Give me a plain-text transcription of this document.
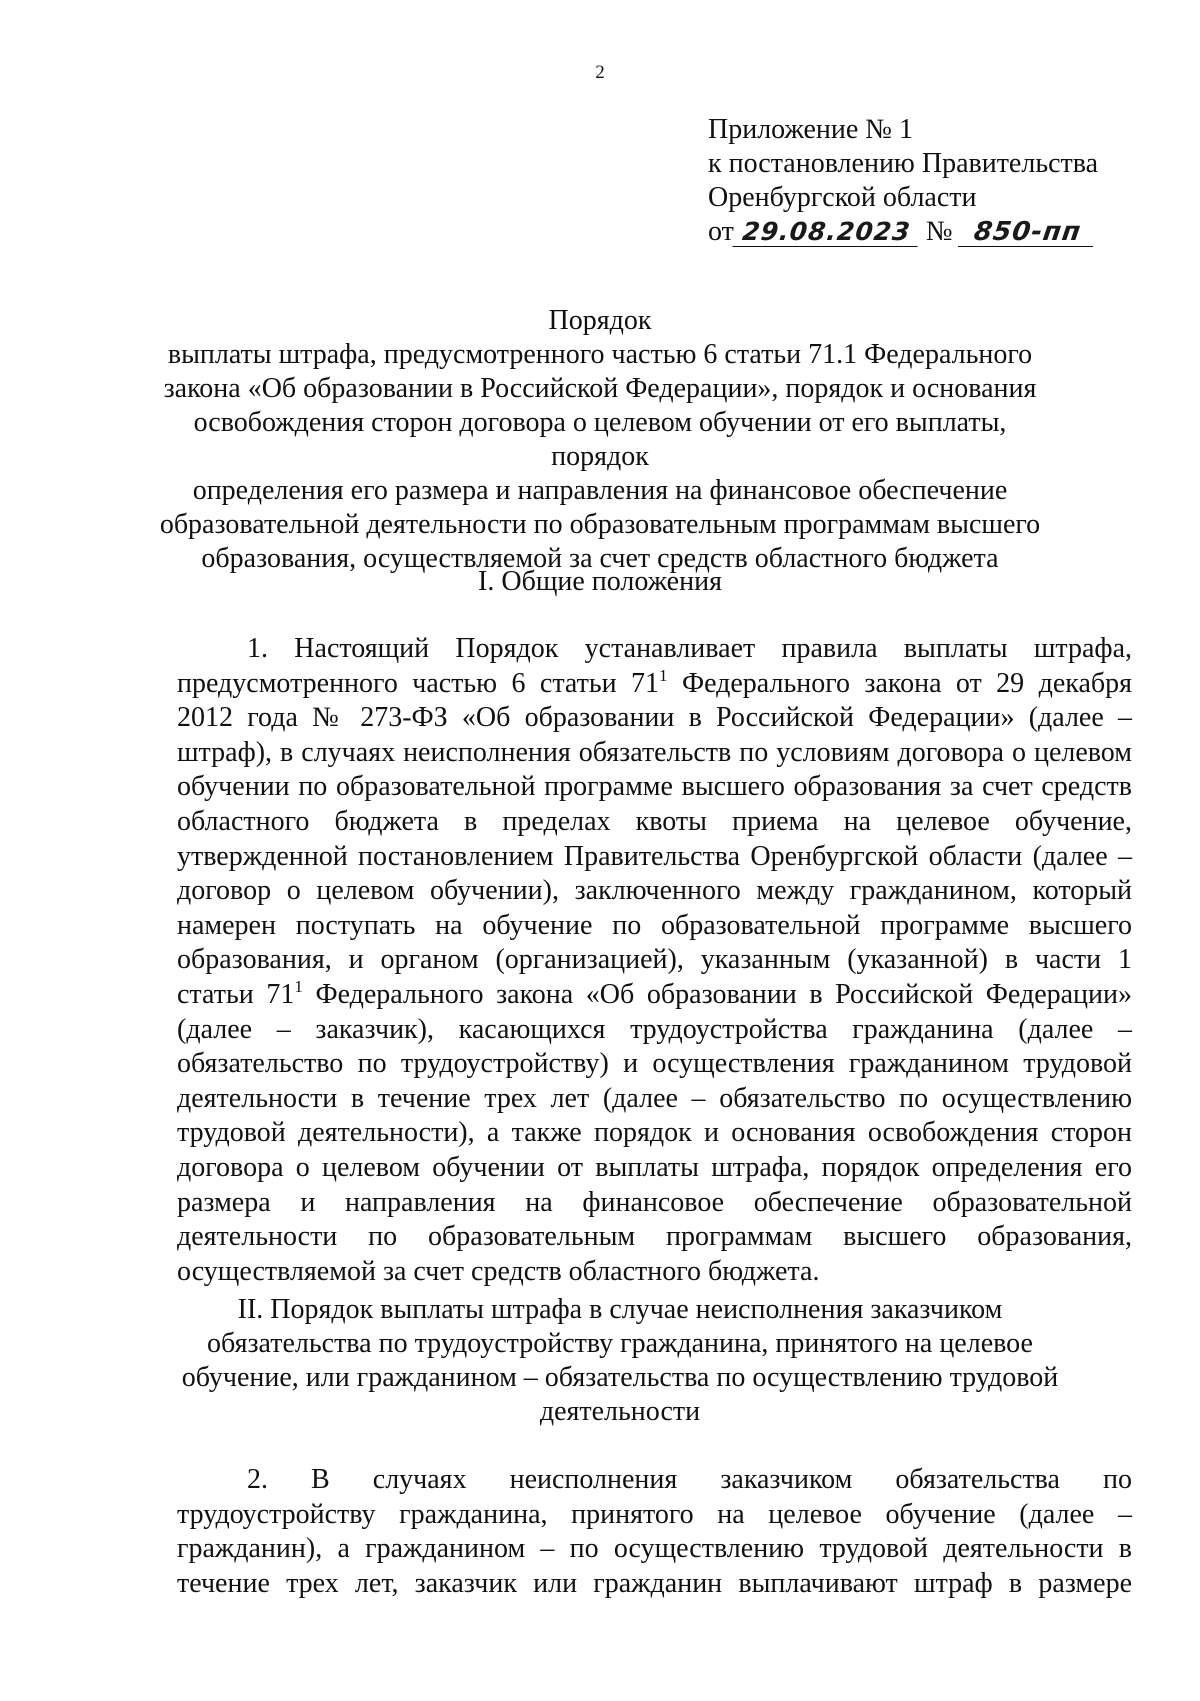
2
Приложение № 1
к постановлению Правительства
Оренбургской области
от 29.08.2023 № 850-пп
Порядок
выплаты штрафа, предусмотренного частью 6 статьи 71.1 Федерального
закона «Об образовании в Российской Федерации», порядок и основания
освобождения сторон договора о целевом обучении от его выплаты, порядок
определения его размера и направления на финансовое обеспечение
образовательной деятельности по образовательным программам высшего
образования, осуществляемой за счет средств областного бюджета
I. Общие положения
1. Настоящий Порядок устанавливает правила выплаты штрафа,
предусмотренного частью 6 статьи $71^1$ Федерального закона от 29 декабря
2012 года № 273-ФЗ «Об образовании в Российской Федерации» (далее –
штраф), в случаях неисполнения обязательств по условиям договора о целевом
обучении по образовательной программе высшего образования за счет средств
областного бюджета в пределах квоты приема на целевое обучение,
утвержденной постановлением Правительства Оренбургской области (далее –
договор о целевом обучении), заключенного между гражданином, который
намерен поступать на обучение по образовательной программе высшего
образования, и органом (организацией), указанным (указанной) в части 1
статьи $71^1$ Федерального закона «Об образовании в Российской Федерации»
(далее – заказчик), касающихся трудоустройства гражданина (далее –
обязательство по трудоустройству) и осуществления гражданином трудовой
деятельности в течение трех лет (далее – обязательство по осуществлению
трудовой деятельности), а также порядок и основания освобождения сторон
договора о целевом обучении от выплаты штрафа, порядок определения его
размера и направления на финансовое обеспечение образовательной
деятельности по образовательным программам высшего образования,
осуществляемой за счет средств областного бюджета.
II. Порядок выплаты штрафа в случае неисполнения заказчиком
обязательства по трудоустройству гражданина, принятого на целевое
обучение, или гражданином – обязательства по осуществлению трудовой
деятельности
2. В случаях неисполнения заказчиком обязательства по
трудоустройству гражданина, принятого на целевое обучение (далее –
гражданин), а гражданином – по осуществлению трудовой деятельности в
течение трех лет, заказчик или гражданин выплачивают штраф в размере
